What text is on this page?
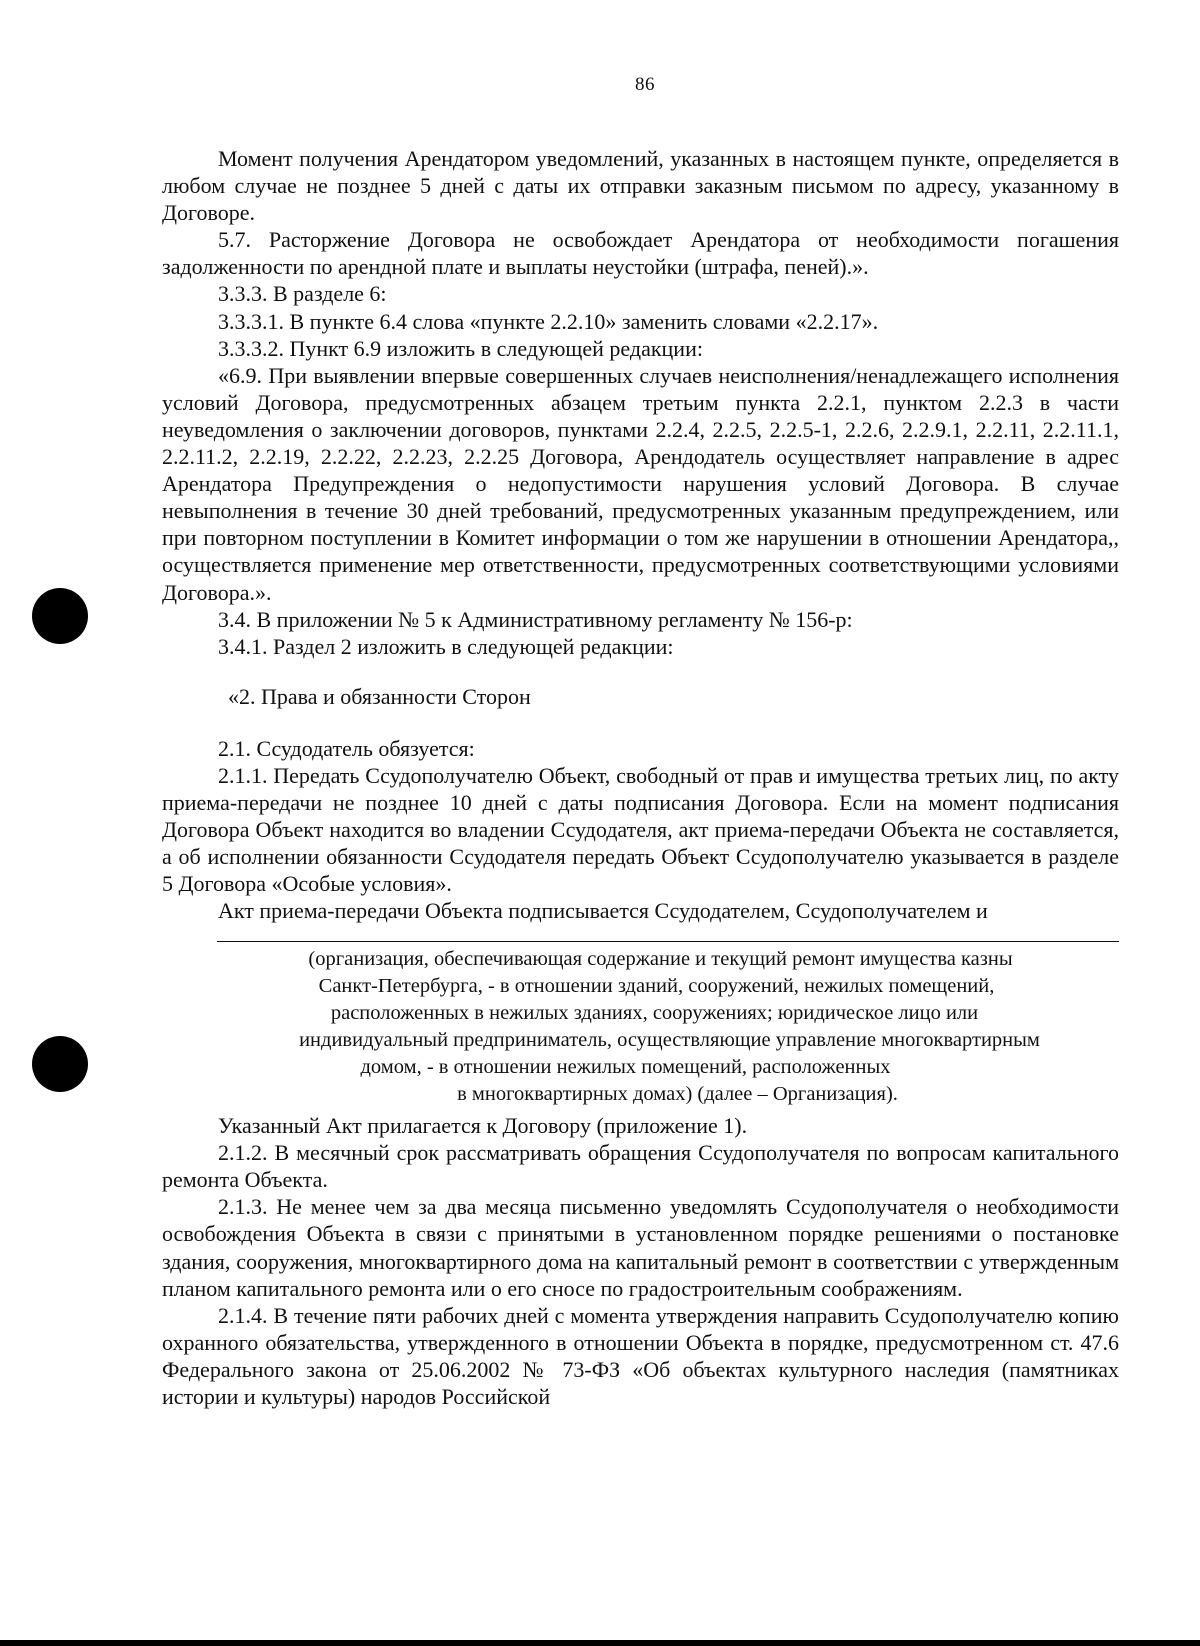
86

Момент получения Арендатором уведомлений, указанных в настоящем пункте, определяется в любом случае не позднее 5 дней с даты их отправки заказным письмом по адресу, указанному в Договоре.

5.7. Расторжение Договора не освобождает Арендатора от необходимости погашения задолженности по арендной плате и выплаты неустойки (штрафа, пеней).».

3.3.3. В разделе 6:

3.3.3.1. В пункте 6.4 слова «пункте 2.2.10» заменить словами «2.2.17».

3.3.3.2. Пункт 6.9 изложить в следующей редакции:

«6.9. При выявлении впервые совершенных случаев неисполнения/ненадлежащего исполнения условий Договора, предусмотренных абзацем третьим пункта 2.2.1, пунктом 2.2.3 в части неуведомления о заключении договоров, пунктами 2.2.4, 2.2.5, 2.2.5-1, 2.2.6, 2.2.9.1, 2.2.11, 2.2.11.1, 2.2.11.2, 2.2.19, 2.2.22, 2.2.23, 2.2.25 Договора, Арендодатель осуществляет направление в адрес Арендатора Предупреждения о недопустимости нарушения условий Договора. В случае невыполнения в течение 30 дней требований, предусмотренных указанным предупреждением, или при повторном поступлении в Комитет информации о том же нарушении в отношении Арендатора,, осуществляется применение мер ответственности, предусмотренных соответствующими условиями Договора.».

3.4. В приложении № 5 к Административному регламенту № 156-р:

3.4.1. Раздел 2 изложить в следующей редакции:

«2. Права и обязанности Сторон

2.1. Ссудодатель обязуется:

2.1.1. Передать Ссудополучателю Объект, свободный от прав и имущества третьих лиц, по акту приема-передачи не позднее 10 дней с даты подписания Договора. Если на момент подписания Договора Объект находится во владении Ссудодателя, акт приема-передачи Объекта не составляется, а об исполнении обязанности Ссудодателя передать Объект Ссудополучателю указывается в разделе 5 Договора «Особые условия».

Акт приема-передачи Объекта подписывается Ссудодателем, Ссудополучателем и

(организация, обеспечивающая содержание и текущий ремонт имущества казны
Санкт-Петербурга, - в отношении зданий, сооружений, нежилых помещений,
расположенных в нежилых зданиях, сооружениях; юридическое лицо или
индивидуальный предприниматель, осуществляющие управление многоквартирным
домом, - в отношении нежилых помещений, расположенных
в многоквартирных домах) (далее – Организация).

Указанный Акт прилагается к Договору (приложение 1).

2.1.2. В месячный срок рассматривать обращения Ссудополучателя по вопросам капитального ремонта Объекта.

2.1.3. Не менее чем за два месяца письменно уведомлять Ссудополучателя о необходимости освобождения Объекта в связи с принятыми в установленном порядке решениями о постановке здания, сооружения, многоквартирного дома на капитальный ремонт в соответствии с утвержденным планом капитального ремонта или о его сносе по градостроительным соображениям.

2.1.4. В течение пяти рабочих дней с момента утверждения направить Ссудополучателю копию охранного обязательства, утвержденного в отношении Объекта в порядке, предусмотренном ст. 47.6 Федерального закона от 25.06.2002 № 73-ФЗ «Об объектах культурного наследия (памятниках истории и культуры) народов Российской
